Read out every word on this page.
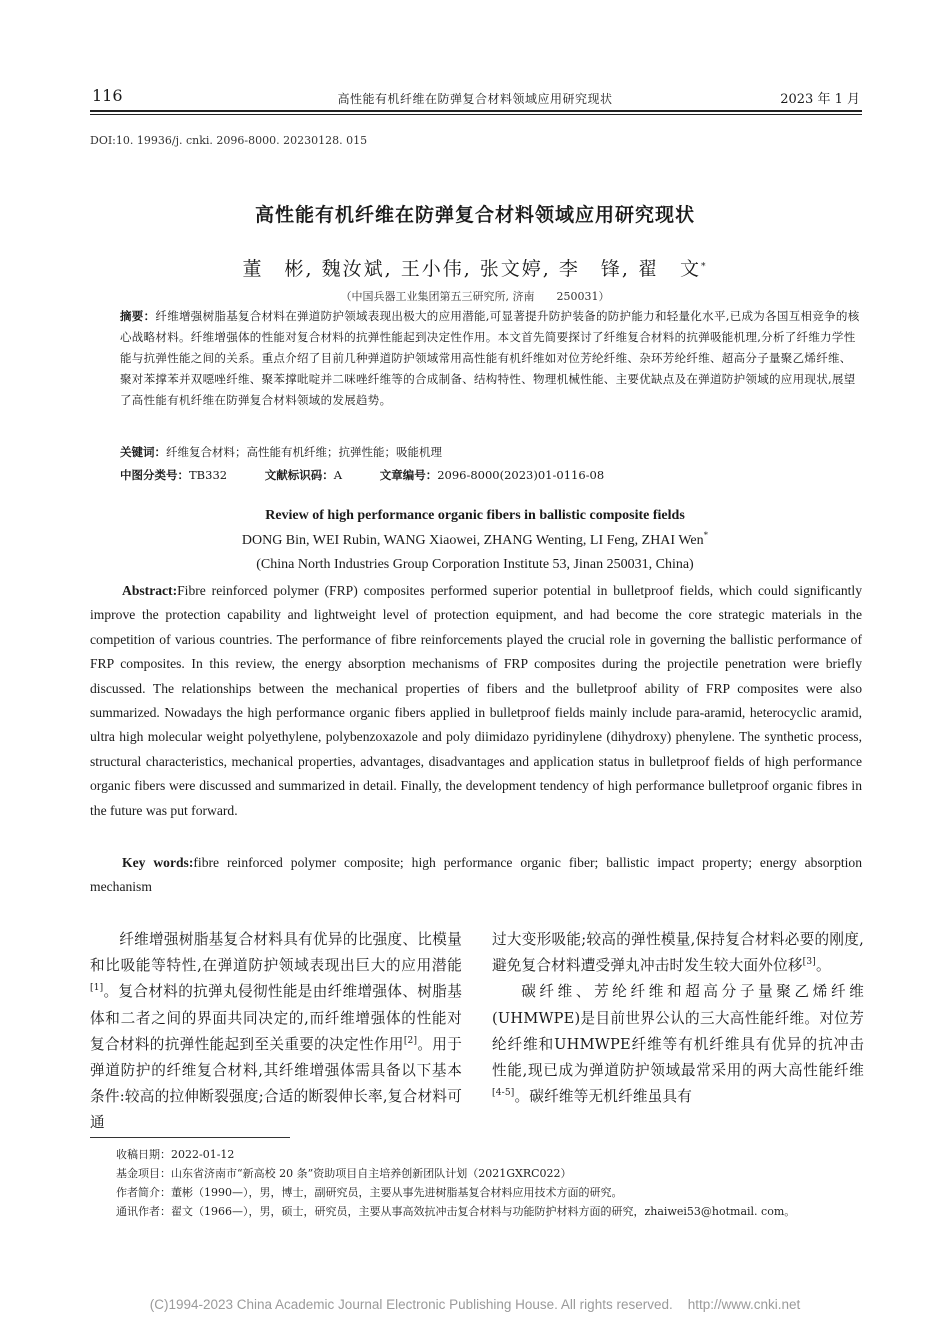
116	高性能有机纤维在防弹复合材料领域应用研究现状	2023 年 1 月
DOI:10. 19936/j. cnki. 2096-8000. 20230128. 015
高性能有机纤维在防弹复合材料领域应用研究现状
董　彬, 魏汝斌, 王小伟, 张文婷, 李　锋, 翟　文*
（中国兵器工业集团第五三研究所, 济南　　250031）
摘要：纤维增强树脂基复合材料在弹道防护领域表现出极大的应用潜能,可显著提升防护装备的防护能力和轻量化水平,已成为各国互相竞争的核心战略材料。纤维增强体的性能对复合材料的抗弹性能起到决定性作用。本文首先简要探讨了纤维复合材料的抗弹吸能机理,分析了纤维力学性能与抗弹性能之间的关系。重点介绍了目前几种弹道防护领域常用高性能有机纤维如对位芳纶纤维、杂环芳纶纤维、超高分子量聚乙烯纤维、聚对苯撑苯并双噁唑纤维、聚苯撑吡啶并二咪唑纤维等的合成制备、结构特性、物理机械性能、主要优缺点及在弹道防护领域的应用现状,展望了高性能有机纤维在防弹复合材料领域的发展趋势。
关键词：纤维复合材料；高性能有机纤维；抗弹性能；吸能机理
中图分类号：TB332	文献标识码：A	文章编号：2096-8000(2023)01-0116-08
Review of high performance organic fibers in ballistic composite fields
DONG Bin, WEI Rubin, WANG Xiaowei, ZHANG Wenting, LI Feng, ZHAI Wen*
(China North Industries Group Corporation Institute 53, Jinan 250031, China)
Abstract:Fibre reinforced polymer (FRP) composites performed superior potential in bulletproof fields, which could significantly improve the protection capability and lightweight level of protection equipment, and had become the core strategic materials in the competition of various countries. The performance of fibre reinforcements played the crucial role in governing the ballistic performance of FRP composites. In this review, the energy absorption mechanisms of FRP composites during the projectile penetration were briefly discussed. The relationships between the mechanical properties of fibers and the bulletproof ability of FRP composites were also summarized. Nowadays the high performance organic fibers applied in bulletproof fields mainly include para-aramid, heterocyclic aramid, ultra high molecular weight polyethylene, polybenzoxazole and poly diimidazo pyridinylene (dihydroxy) phenylene. The synthetic process, structural characteristics, mechanical properties, advantages, disadvantages and application status in bulletproof fields of high performance organic fibers were discussed and summarized in detail. Finally, the development tendency of high performance bulletproof organic fibres in the future was put forward.
Key words:fibre reinforced polymer composite; high performance organic fiber; ballistic impact property; energy absorption mechanism

纤维增强树脂基复合材料具有优异的比强度、比模量和比吸能等特性,在弹道防护领域表现出巨大的应用潜能[1]。复合材料的抗弹丸侵彻性能是由纤维增强体、树脂基体和二者之间的界面共同决定的,而纤维增强体的性能对复合材料的抗弹性能起到至关重要的决定性作用[2]。用于弹道防护的纤维复合材料,其纤维增强体需具备以下基本条件:较高的拉伸断裂强度;合适的断裂伸长率,复合材料可通

过大变形吸能;较高的弹性模量,保持复合材料必要的刚度,避免复合材料遭受弹丸冲击时发生较大面外位移[3]。

碳纤维、芳纶纤维和超高分子量聚乙烯纤维(UHMWPE)是目前世界公认的三大高性能纤维。对位芳纶纤维和UHMWPE纤维等有机纤维具有优异的抗冲击性能,现已成为弹道防护领域最常采用的两大高性能纤维[4-5]。碳纤维等无机纤维虽具有

收稿日期：2022-01-12
基金项目：山东省济南市“新高校 20 条”资助项目自主培养创新团队计划（2021GXRC022）
作者简介：董彬（1990—），男，博士，副研究员，主要从事先进树脂基复合材料应用技术方面的研究。
通讯作者：翟文（1966—），男，硕士，研究员，主要从事高效抗冲击复合材料与功能防护材料方面的研究，zhaiwei53@hotmail. com。
(C)1994-2023 China Academic Journal Electronic Publishing House. All rights reserved.    http://www.cnki.net
